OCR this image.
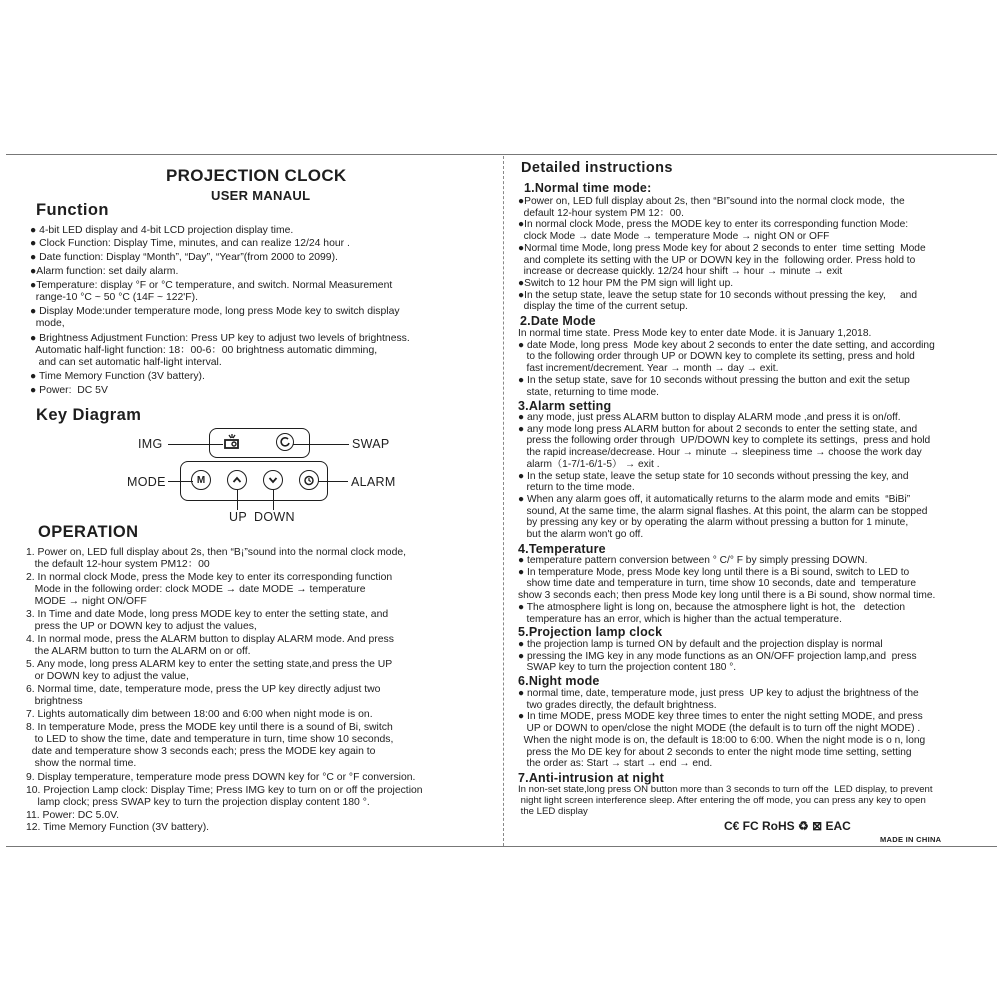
PROJECTION CLOCK
USER MANAUL
Function
● 4-bit LED display and 4-bit LCD projection display time.
● Clock Function: Display Time, minutes, and can realize 12/24 hour .
● Date function: Display “Month”, “Day”, “Year”(from 2000 to 2099).
●Alarm function: set daily alarm.
●Temperature: display °F or °C temperature, and switch. Normal Measurement
range-10 °C ~ 50 °C (14F ~ 122'F).
● Display Mode:under temperature mode, long press Mode key to switch display
mode,
● Brightness Adjustment Function: Press UP key to adjust two levels of brightness.
Automatic half-light function: 18：00-6：00 brightness automatic dimming,
and can set automatic half-light interval.
● Time Memory Function (3V battery).
● Power:  DC 5V
Key Diagram
M
IMG	SWAP
MODE	ALARM
UP DOWN
OPERATION
1. Power on, LED full display about 2s, then “B¡”sound into the normal clock mode,
the default 12-hour system PM12：00
2. In normal clock Mode, press the Mode key to enter its corresponding function
Mode in the following order: clock MODE → date MODE → temperature
MODE → night ON/OFF
3. In Time and date Mode, long press MODE key to enter the setting state, and
press the UP or DOWN key to adjust the values,
4. In normal mode, press the ALARM button to display ALARM mode. And press
the ALARM button to turn the ALARM on or off.
5. Any mode, long press ALARM key to enter the setting state,and press the UP
or DOWN key to adjust the value,
6. Normal time, date, temperature mode, press the UP key directly adjust two
brightness
7. Lights automatically dim between 18:00 and 6:00 when night mode is on.
8. In temperature Mode, press the MODE key until there is a sound of Bi, switch
to LED to show the time, date and temperature in turn, time show 10 seconds,
date and temperature show 3 seconds each; press the MODE key again to
show the normal time.
9. Display temperature, temperature mode press DOWN key for °C or °F conversion.
10. Projection Lamp clock: Display Time; Press IMG key to turn on or off the projection
lamp clock; press SWAP key to turn the projection display content 180 °.
11. Power: DC 5.0V.
12. Time Memory Function (3V battery).
Detailed instructions
1.Normal time mode:
●Power on, LED full display about 2s, then “BI”sound into the normal clock mode,  the
default 12-hour system PM 12：00.
●In normal clock Mode, press the MODE key to enter its corresponding function Mode:
clock Mode → date Mode → temperature Mode → night ON or OFF
●Normal time Mode, long press Mode key for about 2 seconds to enter  time setting  Mode
and complete its setting with the UP or DOWN key in the  following order. Press hold to
increase or decrease quickly. 12/24 hour shift → hour → minute → exit
●Switch to 12 hour PM the PM sign will light up.
●In the setup state, leave the setup state for 10 seconds without pressing the key,     and
display the time of the current setup.
2.Date Mode
In normal time state. Press Mode key to enter date Mode. it is January 1,2018.
● date Mode, long press  Mode key about 2 seconds to enter the date setting, and according
to the following order through UP or DOWN key to complete its setting, press and hold
fast increment/decrement. Year → month → day → exit.
● In the setup state, save for 10 seconds without pressing the button and exit the setup
state, returning to time mode.
3.Alarm setting
● any mode, just press ALARM button to display ALARM mode ,and press it is on/off.
● any mode long press ALARM button for about 2 seconds to enter the setting state, and
press the following order through  UP/DOWN key to complete its settings,  press and hold
the rapid increase/decrease. Hour → minute → sleepiness time → choose the work day
alarm（1-7/1-6/1-5） → exit .
● In the setup state, leave the setup state for 10 seconds without pressing the key, and
return to the time mode.
● When any alarm goes off, it automatically returns to the alarm mode and emits  “BiBi”
sound, At the same time, the alarm signal flashes. At this point, the alarm can be stopped
by pressing any key or by operating the alarm without pressing a button for 1 minute,
but the alarm won't go off.
4.Temperature
● temperature pattern conversion between ° C/° F by simply pressing DOWN.
● In temperature Mode, press Mode key long until there is a Bi sound, switch to LED to
show time date and temperature in turn, time show 10 seconds, date and  temperature
show 3 seconds each; then press Mode key long until there is a Bi sound, show normal time.
● The atmosphere light is long on, because the atmosphere light is hot, the   detection
temperature has an error, which is higher than the actual temperature.
5.Projection lamp clock
● the projection lamp is turned ON by default and the projection display is normal
● pressing the IMG key in any mode functions as an ON/OFF projection lamp,and  press
SWAP key to turn the projection content 180 °.
6.Night mode
● normal time, date, temperature mode, just press  UP key to adjust the brightness of the
two grades directly, the default brightness.
● In time MODE, press MODE key three times to enter the night setting MODE, and press
UP or DOWN to open/close the night MODE (the default is to turn off the night MODE) .
When the night mode is on, the default is 18:00 to 6:00. When the night mode is o n, long
press the Mo DE key for about 2 seconds to enter the night mode time setting, setting
the order as: Start → start → end → end.
7.Anti-intrusion at night
In non-set state,long press ON button more than 3 seconds to turn off the  LED display, to prevent
night light screen interference sleep. After entering the off mode, you can press any key to open
the LED display
C€ FC RoHS ♻ ⊠ EAC
MADE IN CHINA
